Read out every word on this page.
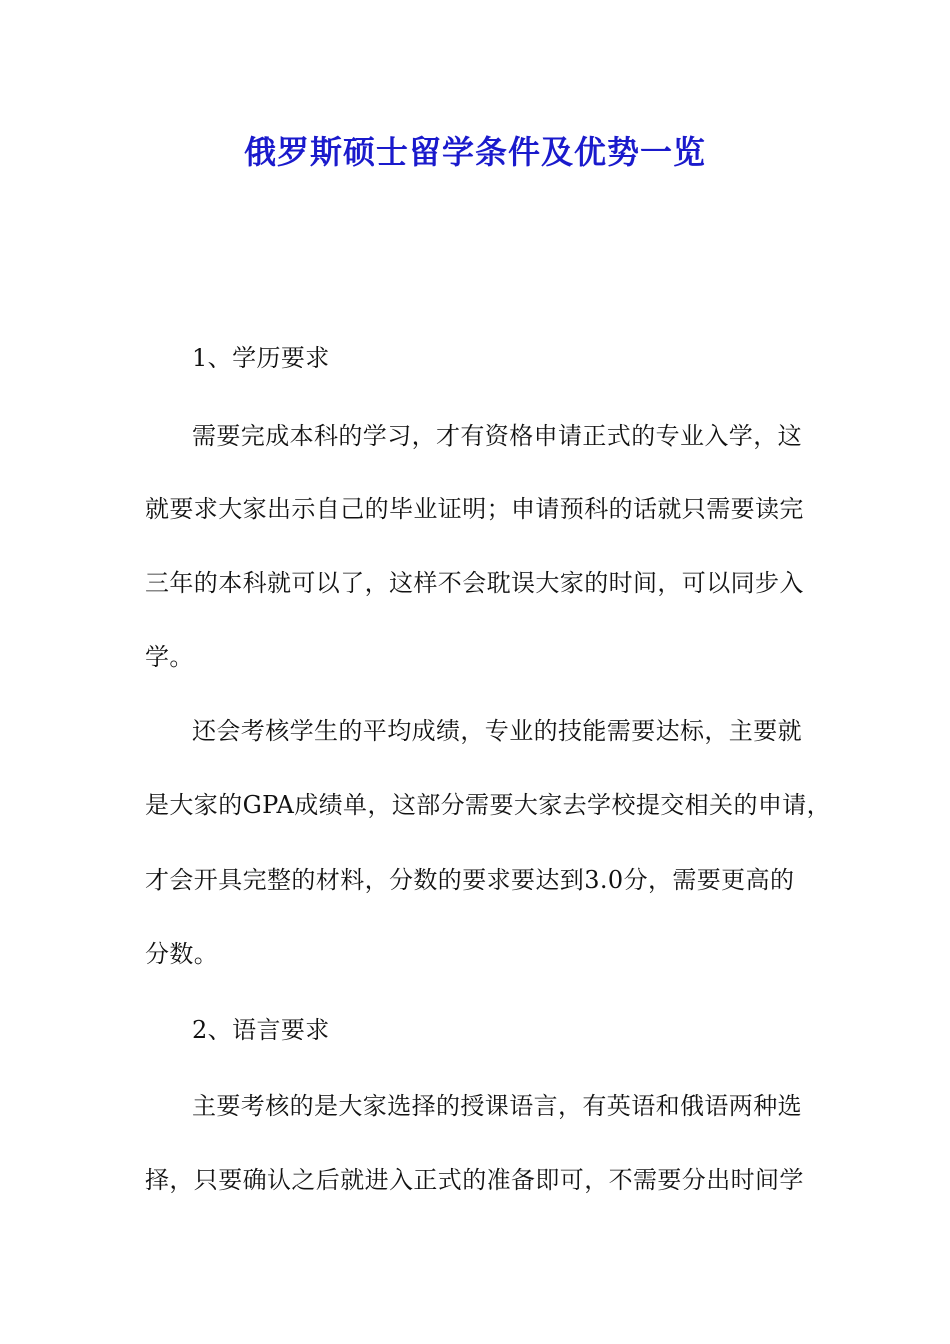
俄罗斯硕士留学条件及优势一览

1、学历要求

需要完成本科的学习，才有资格申请正式的专业入学，这

就要求大家出示自己的毕业证明；申请预科的话就只需要读完

三年的本科就可以了，这样不会耽误大家的时间，可以同步入

学。

还会考核学生的平均成绩，专业的技能需要达标，主要就

是大家的GPA成绩单，这部分需要大家去学校提交相关的申请，

才会开具完整的材料，分数的要求要达到3.0分，需要更高的

分数。

2、语言要求

主要考核的是大家选择的授课语言，有英语和俄语两种选

择，只要确认之后就进入正式的准备即可，不需要分出时间学
